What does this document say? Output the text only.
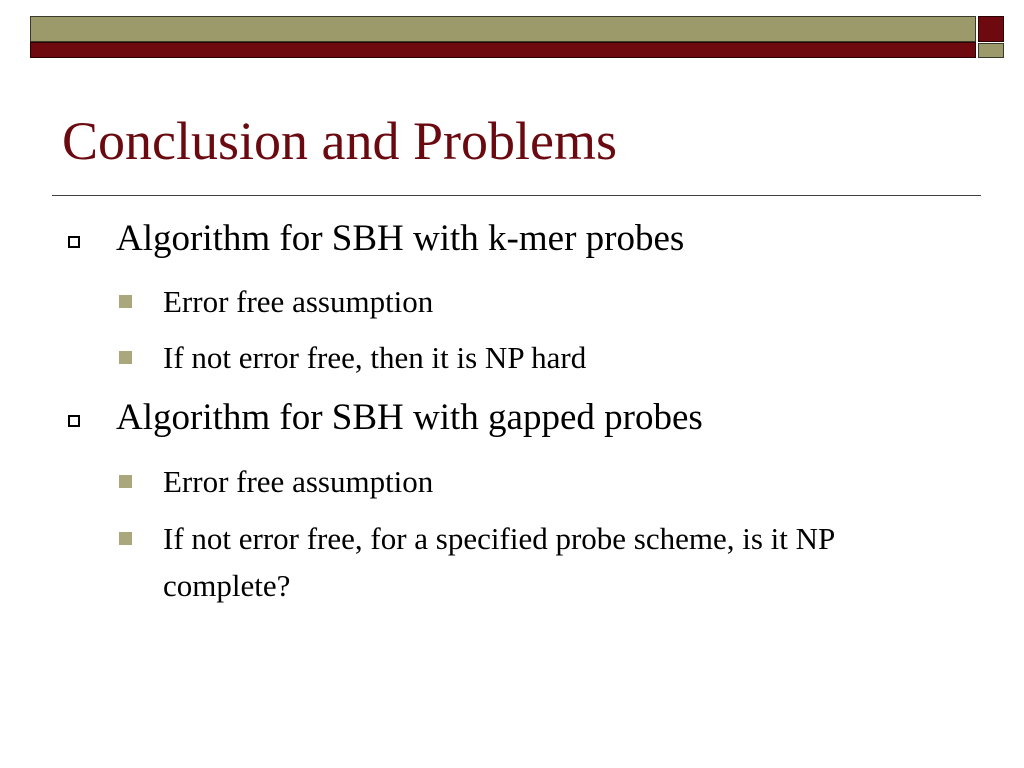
Conclusion and Problems
Algorithm for SBH with k-mer probes
Error free assumption
If not error free, then it is NP hard
Algorithm for SBH with gapped probes
Error free assumption
If not error free, for a specified probe scheme, is it NP complete?
